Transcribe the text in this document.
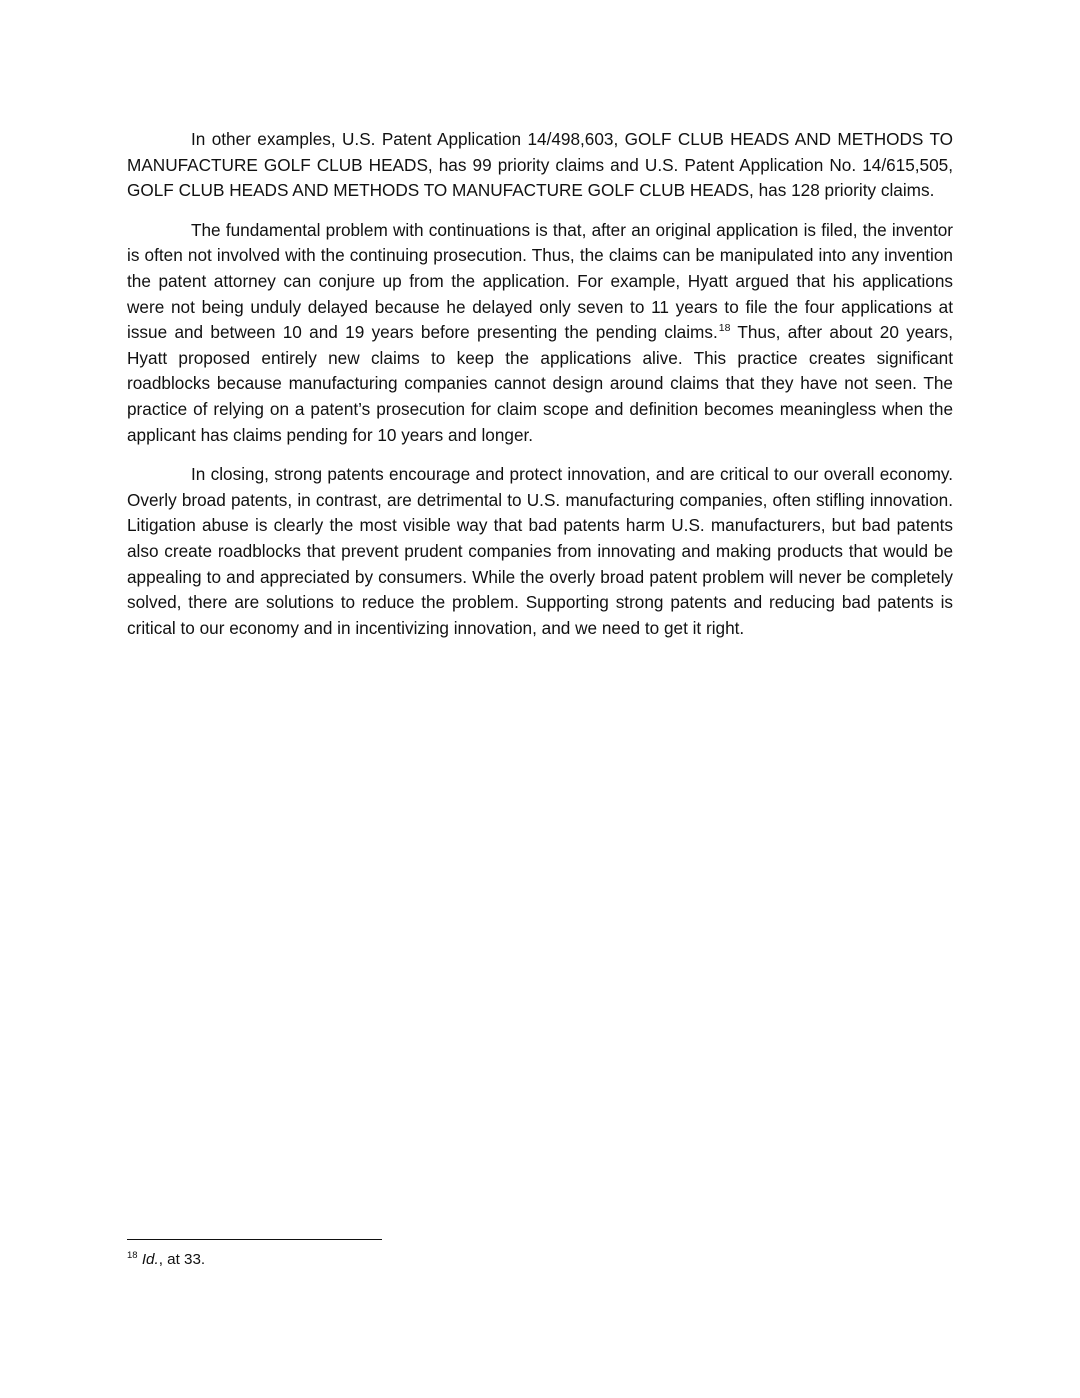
In other examples, U.S. Patent Application 14/498,603, GOLF CLUB HEADS AND METHODS TO MANUFACTURE GOLF CLUB HEADS, has 99 priority claims and U.S. Patent Application No. 14/615,505, GOLF CLUB HEADS AND METHODS TO MANUFACTURE GOLF CLUB HEADS, has 128 priority claims.

The fundamental problem with continuations is that, after an original application is filed, the inventor is often not involved with the continuing prosecution. Thus, the claims can be manipulated into any invention the patent attorney can conjure up from the application. For example, Hyatt argued that his applications were not being unduly delayed because he delayed only seven to 11 years to file the four applications at issue and between 10 and 19 years before presenting the pending claims.$^{18}$ Thus, after about 20 years, Hyatt proposed entirely new claims to keep the applications alive. This practice creates significant roadblocks because manufacturing companies cannot design around claims that they have not seen. The practice of relying on a patent’s prosecution for claim scope and definition becomes meaningless when the applicant has claims pending for 10 years and longer.

In closing, strong patents encourage and protect innovation, and are critical to our overall economy. Overly broad patents, in contrast, are detrimental to U.S. manufacturing companies, often stifling innovation. Litigation abuse is clearly the most visible way that bad patents harm U.S. manufacturers, but bad patents also create roadblocks that prevent prudent companies from innovating and making products that would be appealing to and appreciated by consumers. While the overly broad patent problem will never be completely solved, there are solutions to reduce the problem. Supporting strong patents and reducing bad patents is critical to our economy and in incentivizing innovation, and we need to get it right.

$^{18}$ Id., at 33.
